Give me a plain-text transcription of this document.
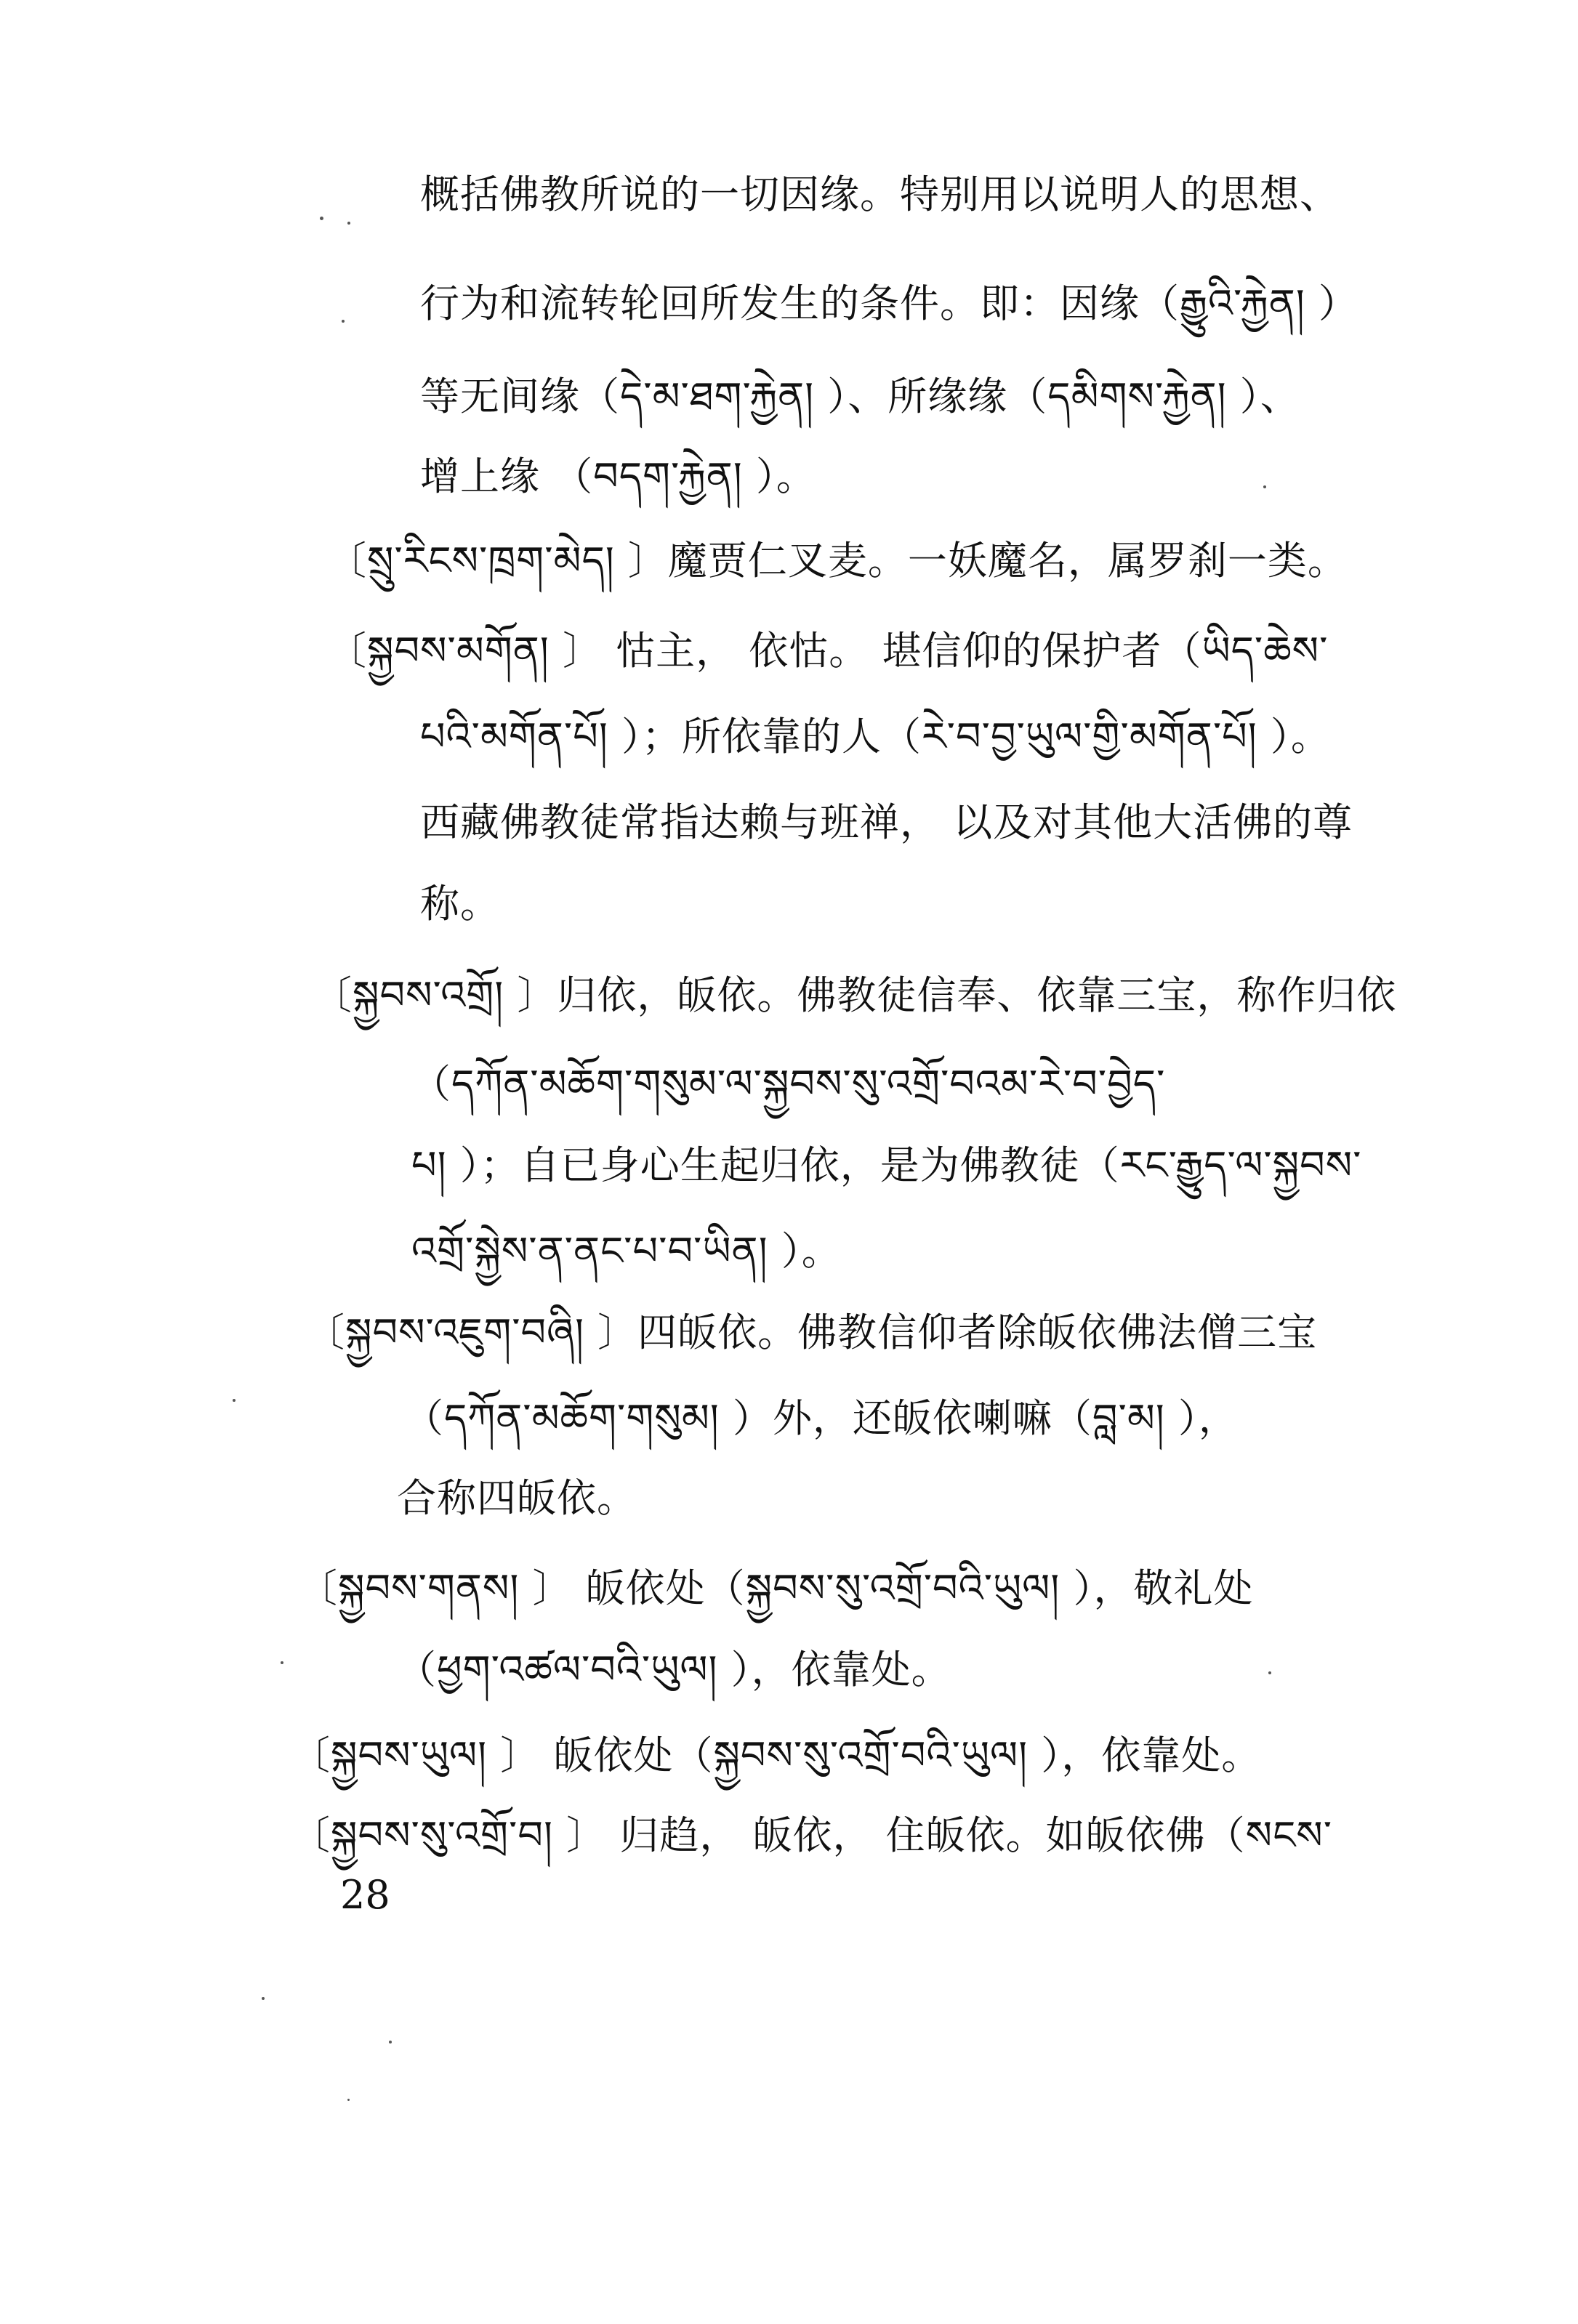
概括佛教所说的一切因缘。特别用以说明人的思想、
行为和流转轮回所发生的条件。即：因缘（རྒྱུའི་རྐྱེན། ）
等无间缘（དེ་མ་ཐག་རྐྱེན། ）、所缘缘（དམིགས་རྐྱེན། ）、
增上缘 （བདག་རྐྱེན། ）。
〔སྲུ་རིངས་ཁྲག་མེད། 〕魔贾仁叉麦。一妖魔名，属罗刹一类。
〔སྐྱབས་མགོན། 〕 怙主， 依怙。 堪信仰的保护者（ཡིད་ཆེས་
པའི་མགོན་པོ། ）；所依靠的人（རེ་བ་བྱ་ཡུལ་གྱི་མགོན་པོ། ）。
西藏佛教徒常指达赖与班禅， 以及对其他大活佛的尊
称。
〔སྐྱབས་འགྲོ། 〕归依，皈依。佛教徒信奉、依靠三宝，称作归依
（དཀོན་མཆོག་གསུམ་ལ་སྐྱབས་སུ་འགྲོ་བའམ་རེ་བ་བྱེད་
པ། ）；自已身心生起归依，是为佛教徒（རང་རྒྱུད་ལ་སྐྱབས་
འགྲོ་སྐྱེས་ན་ནང་པ་བ་ཡིན། ）。
〔སྐྱབས་འཇུག་བཞི། 〕四皈依。佛教信仰者除皈依佛法僧三宝
（དཀོན་མཆོག་གསུམ། ）外，还皈依喇嘛（བླ་མ། ），
合称四皈依。
〔སྐྱབས་གནས། 〕 皈依处（སྐྱབས་སུ་འགྲོ་བའི་ཡུལ། ），敬礼处
（ཕྱག་འཚལ་བའི་ཡུལ། ），依靠处。
〔སྐྱབས་ཡུལ། 〕 皈依处（སྐྱབས་སུ་འགྲོ་བའི་ཡུལ། ），依靠处。
〔སྐྱབས་སུ་འགྲོ་བ། 〕 归趋， 皈依， 住皈依。如皈依佛（སངས་
28
